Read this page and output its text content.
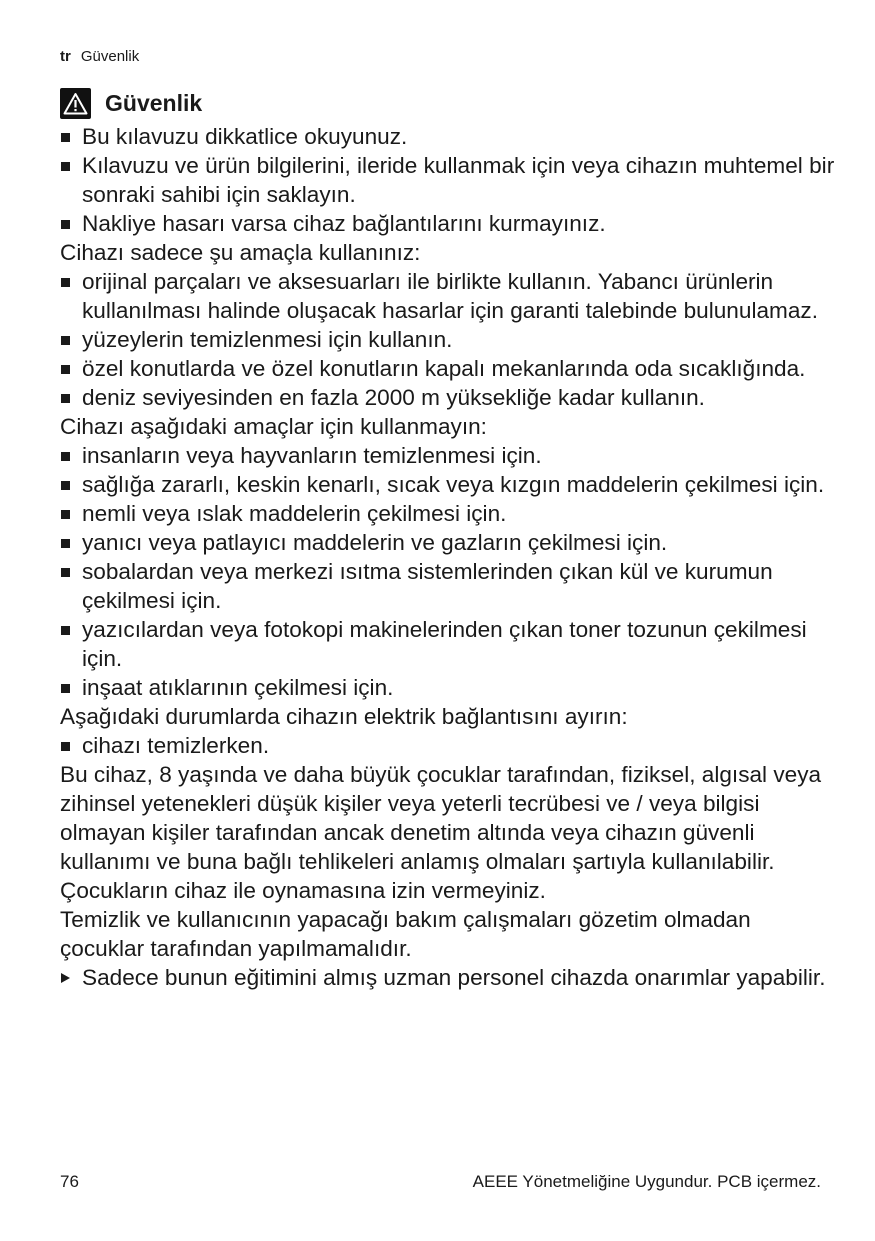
tr Güvenlik
Güvenlik
Bu kılavuzu dikkatlice okuyunuz.
Kılavuzu ve ürün bilgilerini, ileride kullanmak için veya cihazın muhtemel bir sonraki sahibi için saklayın.
Nakliye hasarı varsa cihaz bağlantılarını kurmayınız.

Cihazı sadece şu amaçla kullanınız:

orijinal parçaları ve aksesuarları ile birlikte kullanın. Yabancı ürünlerin kullanılması halinde oluşacak hasarlar için garanti talebinde bulunulamaz.
yüzeylerin temizlenmesi için kullanın.
özel konutlarda ve özel konutların kapalı mekanlarında oda sıcaklığında.
deniz seviyesinden en fazla 2000 m yüksekliğe kadar kullanın.

Cihazı aşağıdaki amaçlar için kullanmayın:

insanların veya hayvanların temizlenmesi için.
sağlığa zararlı, keskin kenarlı, sıcak veya kızgın maddelerin çekilmesi için.
nemli veya ıslak maddelerin çekilmesi için.
yanıcı veya patlayıcı maddelerin ve gazların çekilmesi için.
sobalardan veya merkezi ısıtma sistemlerinden çıkan kül ve kurumun çekilmesi için.
yazıcılardan veya fotokopi makinelerinden çıkan toner tozunun çekilmesi için.
inşaat atıklarının çekilmesi için.

Aşağıdaki durumlarda cihazın elektrik bağlantısını ayırın:

cihazı temizlerken.

Bu cihaz, 8 yaşında ve daha büyük çocuklar tarafından, fiziksel, algısal veya zihinsel yetenekleri düşük kişiler veya yeterli tecrübesi ve / veya bilgisi olmayan kişiler tarafından ancak denetim altında veya cihazın güvenli kullanımı ve buna bağlı tehlikeleri anlamış olmaları şartıyla kullanılabilir.

Çocukların cihaz ile oynamasına izin vermeyiniz.

Temizlik ve kullanıcının yapacağı bakım çalışmaları gözetim olmadan çocuklar tarafından yapılmamalıdır.

Sadece bunun eğitimini almış uzman personel cihazda onarımlar yapabilir.
76	AEEE Yönetmeliğine Uygundur. PCB içermez.
